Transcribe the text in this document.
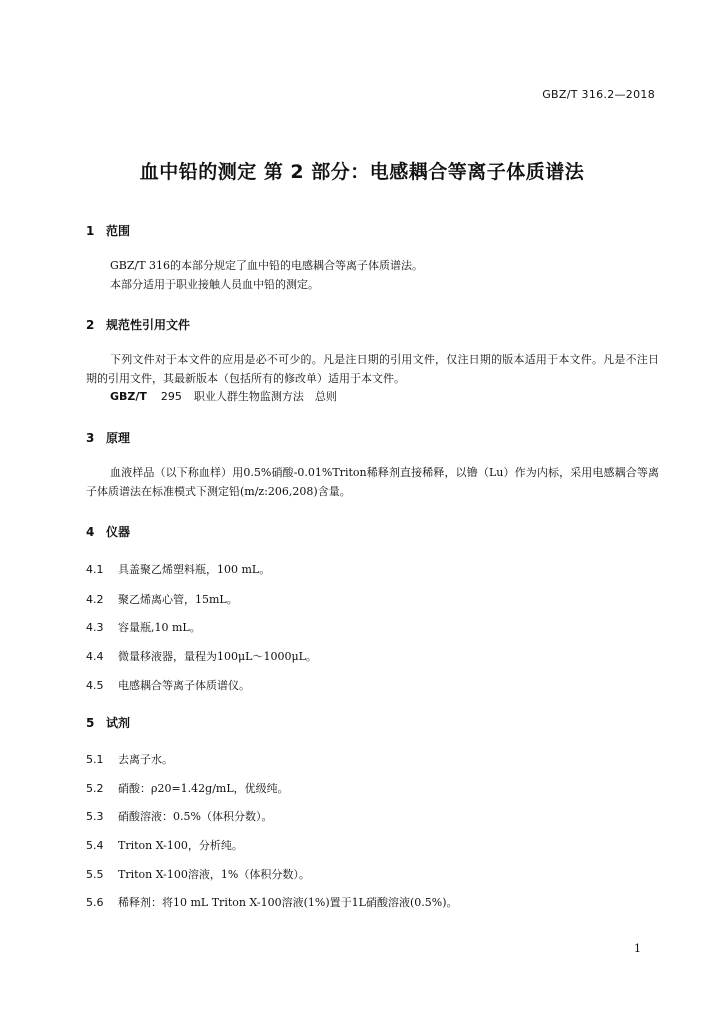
GBZ/T 316.2—2018
血中铅的测定 第 2 部分：电感耦合等离子体质谱法
1 范围
GBZ/T 316的本部分规定了血中铅的电感耦合等离子体质谱法。
本部分适用于职业接触人员血中铅的测定。
2 规范性引用文件
下列文件对于本文件的应用是必不可少的。凡是注日期的引用文件，仅注日期的版本适用于本文件。凡是不注日期的引用文件，其最新版本（包括所有的修改单）适用于本文件。
GBZ/T 295 职业人群生物监测方法　总则
3 原理
血液样品（以下称血样）用0.5%硝酸-0.01%Triton稀释剂直接稀释，以镥（Lu）作为内标，采用电感耦合等离子体质谱法在标准模式下测定铅(m/z:206,208)含量。
4 仪器
4.1 具盖聚乙烯塑料瓶，100 mL。
4.2 聚乙烯离心管，15mL。
4.3 容量瓶,10 mL。
4.4 微量移液器，量程为100μL～1000μL。
4.5 电感耦合等离子体质谱仪。
5 试剂
5.1 去离子水。
5.2 硝酸：ρ20=1.42g/mL，优级纯。
5.3 硝酸溶液：0.5%（体积分数）。
5.4 Triton X-100，分析纯。
5.5 Triton X-100溶液，1%（体积分数）。
5.6 稀释剂：将10 mL Triton X-100溶液(1%)置于1L硝酸溶液(0.5%)。
1
